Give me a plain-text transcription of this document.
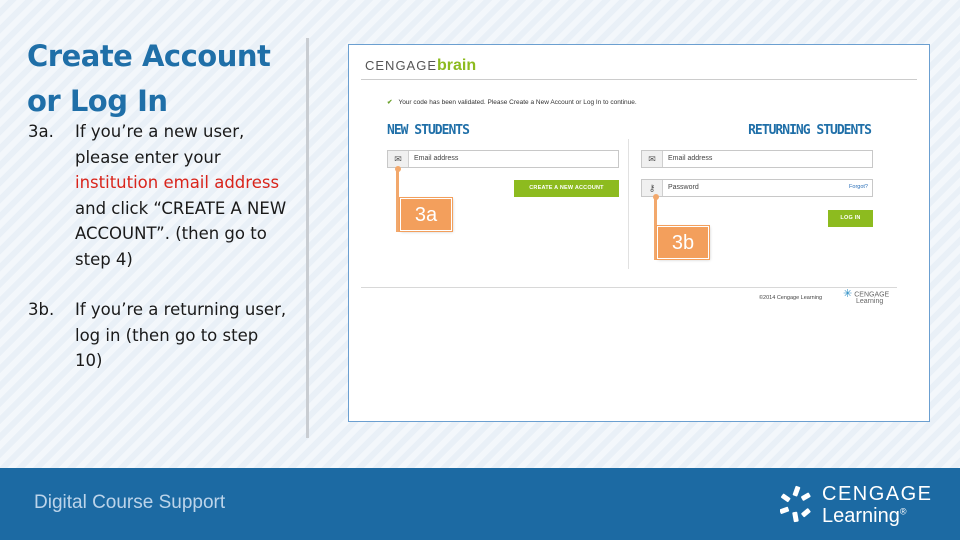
Create Account
or Log In
3a. If you’re a new user, please enter your institution email address and click “CREATE A NEW ACCOUNT”. (then go to step 4)
3b. If you’re a returning user, log in (then go to step 10)
CENGAGEbrain
✔ Your code has been validated. Please Create a New Account or Log In to continue.
NEW STUDENTS	RETURNING STUDENTS
✉	Email address
CREATE A NEW ACCOUNT
✉	Email address
⚷	Password	Forgot?
LOG IN
©2014 Cengage Learning ✳ CENGAGE
Learning
3a
3b
Digital Course Support	CENGAGE
Learning®
